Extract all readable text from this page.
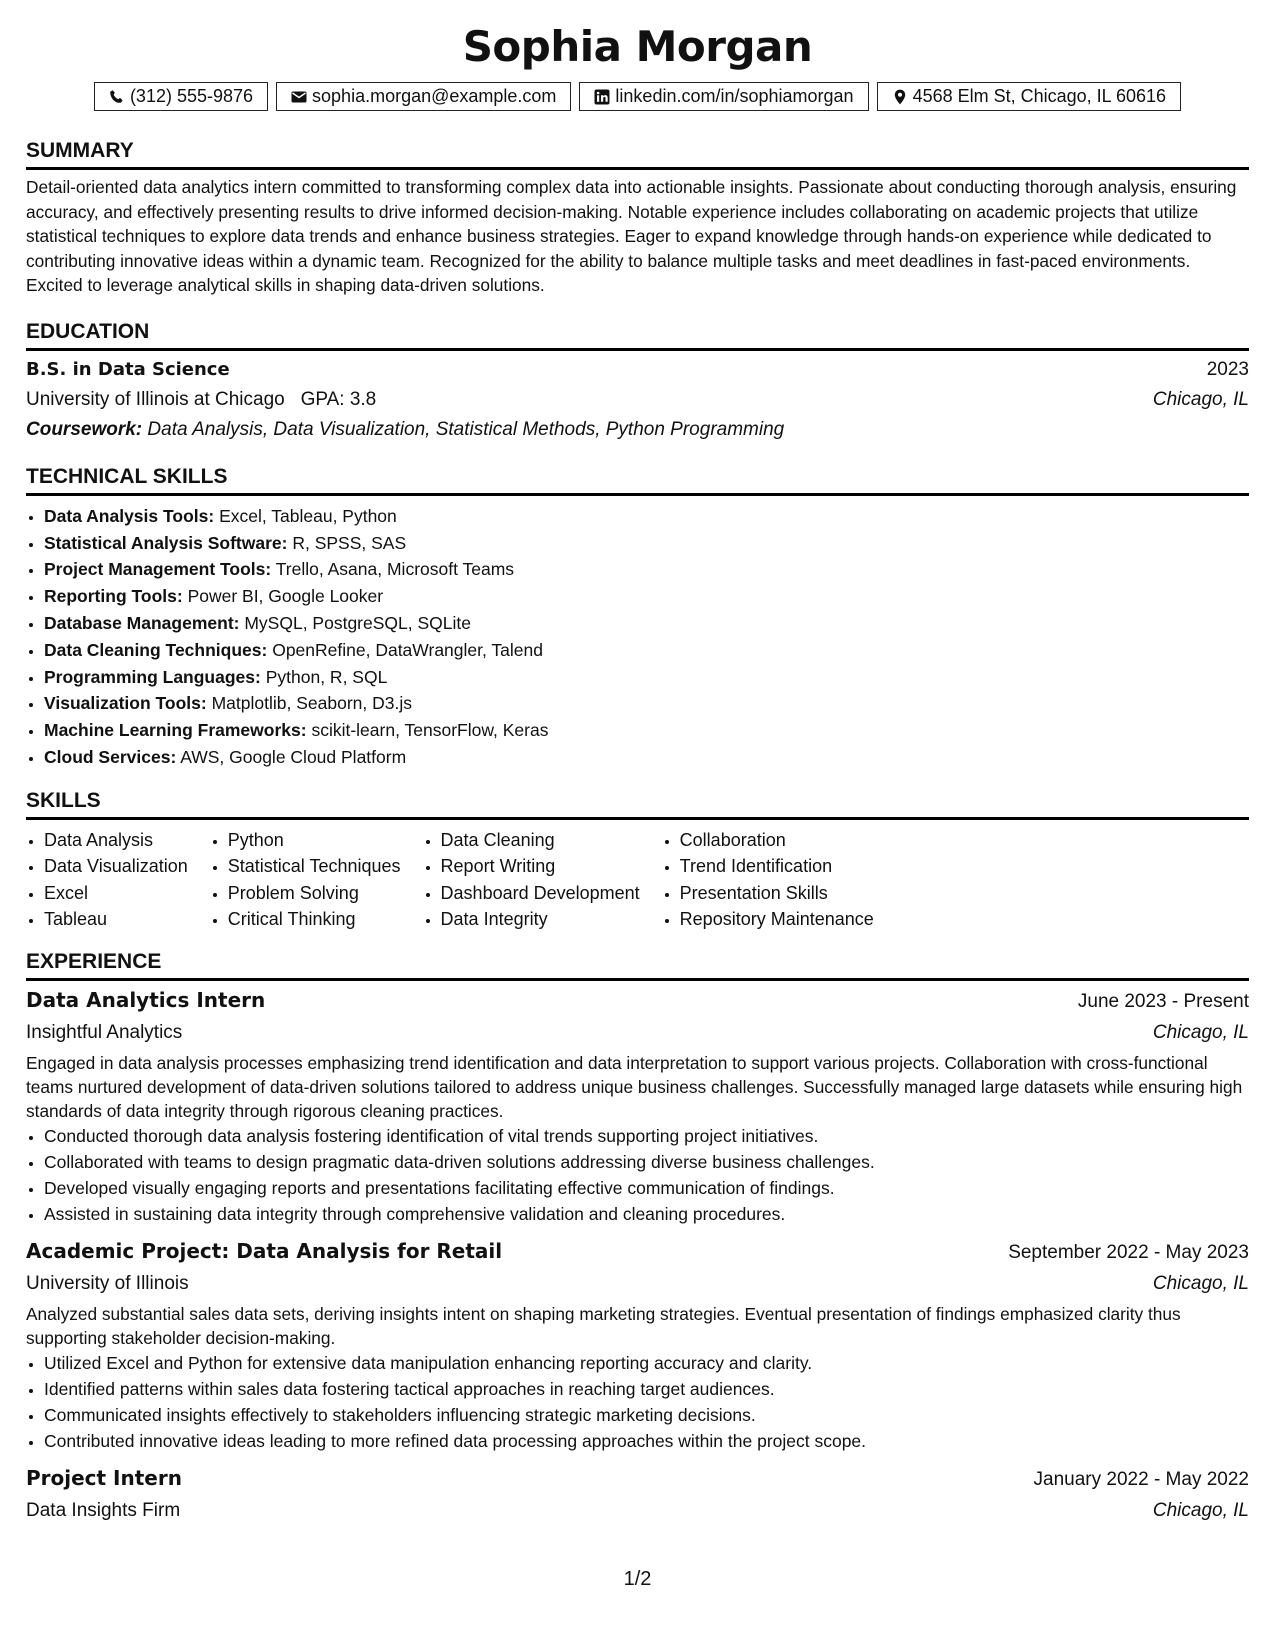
Sophia Morgan
(312) 555-9876	sophia.morgan@example.com	linkedin.com/in/sophiamorgan	4568 Elm St, Chicago, IL 60616
SUMMARY

Detail-oriented data analytics intern committed to transforming complex data into actionable insights. Passionate about conducting thorough analysis, ensuring accuracy, and effectively presenting results to drive informed decision-making. Notable experience includes collaborating on academic projects that utilize statistical techniques to explore data trends and enhance business strategies. Eager to expand knowledge through hands-on experience while dedicated to contributing innovative ideas within a dynamic team. Recognized for the ability to balance multiple tasks and meet deadlines in fast-paced environments. Excited to leverage analytical skills in shaping data-driven solutions.

EDUCATION
B.S. in Data Science	2023
University of Illinois at Chicago GPA: 3.8	Chicago, IL
Coursework: Data Analysis, Data Visualization, Statistical Methods, Python Programming
TECHNICAL SKILLS
• Data Analysis Tools: Excel, Tableau, Python
• Statistical Analysis Software: R, SPSS, SAS
• Project Management Tools: Trello, Asana, Microsoft Teams
• Reporting Tools: Power BI, Google Looker
• Database Management: MySQL, PostgreSQL, SQLite
• Data Cleaning Techniques: OpenRefine, DataWrangler, Talend
• Programming Languages: Python, R, SQL
• Visualization Tools: Matplotlib, Seaborn, D3.js
• Machine Learning Frameworks: scikit-learn, TensorFlow, Keras
• Cloud Services: AWS, Google Cloud Platform
SKILLS
• Data Analysis
• Data Visualization
• Excel
• Tableau
• Python
• Statistical Techniques
• Problem Solving
• Critical Thinking
• Data Cleaning
• Report Writing
• Dashboard Development
• Data Integrity
• Collaboration
• Trend Identification
• Presentation Skills
• Repository Maintenance
EXPERIENCE
Data Analytics Intern	June 2023 - Present
Insightful Analytics	Chicago, IL

Engaged in data analysis processes emphasizing trend identification and data interpretation to support various projects. Collaboration with cross-functional teams nurtured development of data-driven solutions tailored to address unique business challenges. Successfully managed large datasets while ensuring high standards of data integrity through rigorous cleaning practices.

• Conducted thorough data analysis fostering identification of vital trends supporting project initiatives.
• Collaborated with teams to design pragmatic data-driven solutions addressing diverse business challenges.
• Developed visually engaging reports and presentations facilitating effective communication of findings.
• Assisted in sustaining data integrity through comprehensive validation and cleaning procedures.
Academic Project: Data Analysis for Retail	September 2022 - May 2023
University of Illinois	Chicago, IL

Analyzed substantial sales data sets, deriving insights intent on shaping marketing strategies. Eventual presentation of findings emphasized clarity thus supporting stakeholder decision-making.

• Utilized Excel and Python for extensive data manipulation enhancing reporting accuracy and clarity.
• Identified patterns within sales data fostering tactical approaches in reaching target audiences.
• Communicated insights effectively to stakeholders influencing strategic marketing decisions.
• Contributed innovative ideas leading to more refined data processing approaches within the project scope.
Project Intern	January 2022 - May 2022
Data Insights Firm	Chicago, IL
1/2
